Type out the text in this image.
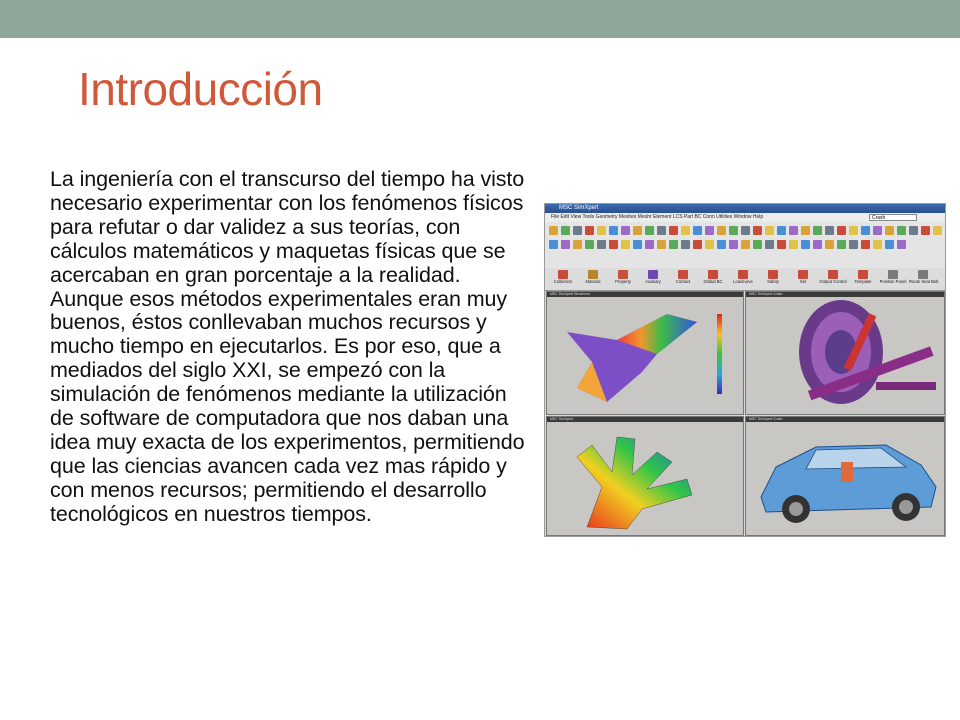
Introducción

La ingeniería con el transcurso del tiempo ha visto necesario experimentar con los fenómenos físicos para refutar o dar validez a sus teorías, con cálculos matemáticos y maquetas físicas que se acercaban en gran porcentaje a la realidad. Aunque esos métodos experimentales eran muy buenos, éstos conllevaban muchos recursos y mucho tiempo en ejecutarlos. Es por eso, que a mediados del siglo XXI, se empezó con la simulación de fenómenos mediante la utilización de software de computadora que nos daban una idea muy exacta de los experimentos, permitiendo que las ciencias avancen cada vez mas rápido y con menos recursos; permitiendo el desarrollo tecnológicos en nuestros tiempos.

MSC SimXpert
File Edit View Tools Geometry Meshes Meshr Element LCS Part BC Conn Utilities Window Help	Crash
Collection	Material	Property	Auxiliary	Contact	Global BC	Loadcurve	Safety	Set	Output Control	Template	Position Panel Route Seat Belt
MSC SimXpert Structures	MSC SimXpert Crash
MSC SimXpert	MSC SimXpert Crash
